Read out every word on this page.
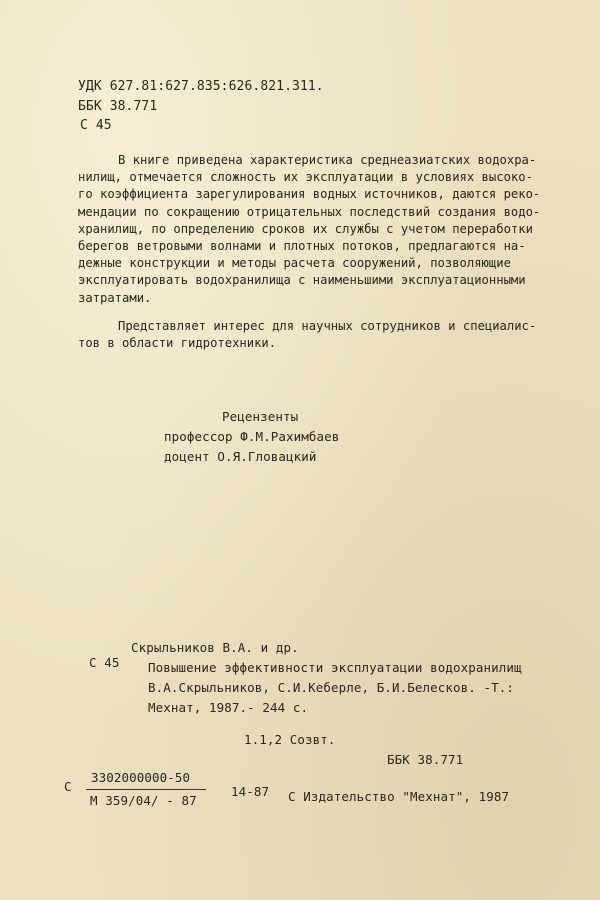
УДК 627.81:627.835:626.821.311.
ББК 38.771
С 45
В книге приведена характеристика среднеазиатских водохра-
нилищ, отмечается сложность их эксплуатации в условиях высоко-
го коэффициента зарегулирования водных источников, даются реко-
мендации по сокращению отрицательных последствий создания водо-
хранилищ, по определению сроков их службы с учетом переработки
берегов ветровыми волнами и плотных потоков, предлагаются на-
дежные конструкции и методы расчета сооружений, позволяющие
эксплуатировать водохранилища с наименьшими эксплуатационными
затратами.
Представляет интерес для научных сотрудников и специалис-
тов в области гидротехники.
Рецензенты
профессор Ф.М.Рахимбаев
доцент О.Я.Гловацкий
Скрыльников В.А. и др.
С 45 Повышение эффективности эксплуатации водохранилищ
В.А.Скрыльников, С.И.Keберле, Б.И.Белесков. -Т.:
Мехнат, 1987.- 244 с.
1.1,2 Созвт.
ББК 38.771
С
3302000000-50
М 359/04/ - 87
14-87 С Издательство "Мехнат", 1987
